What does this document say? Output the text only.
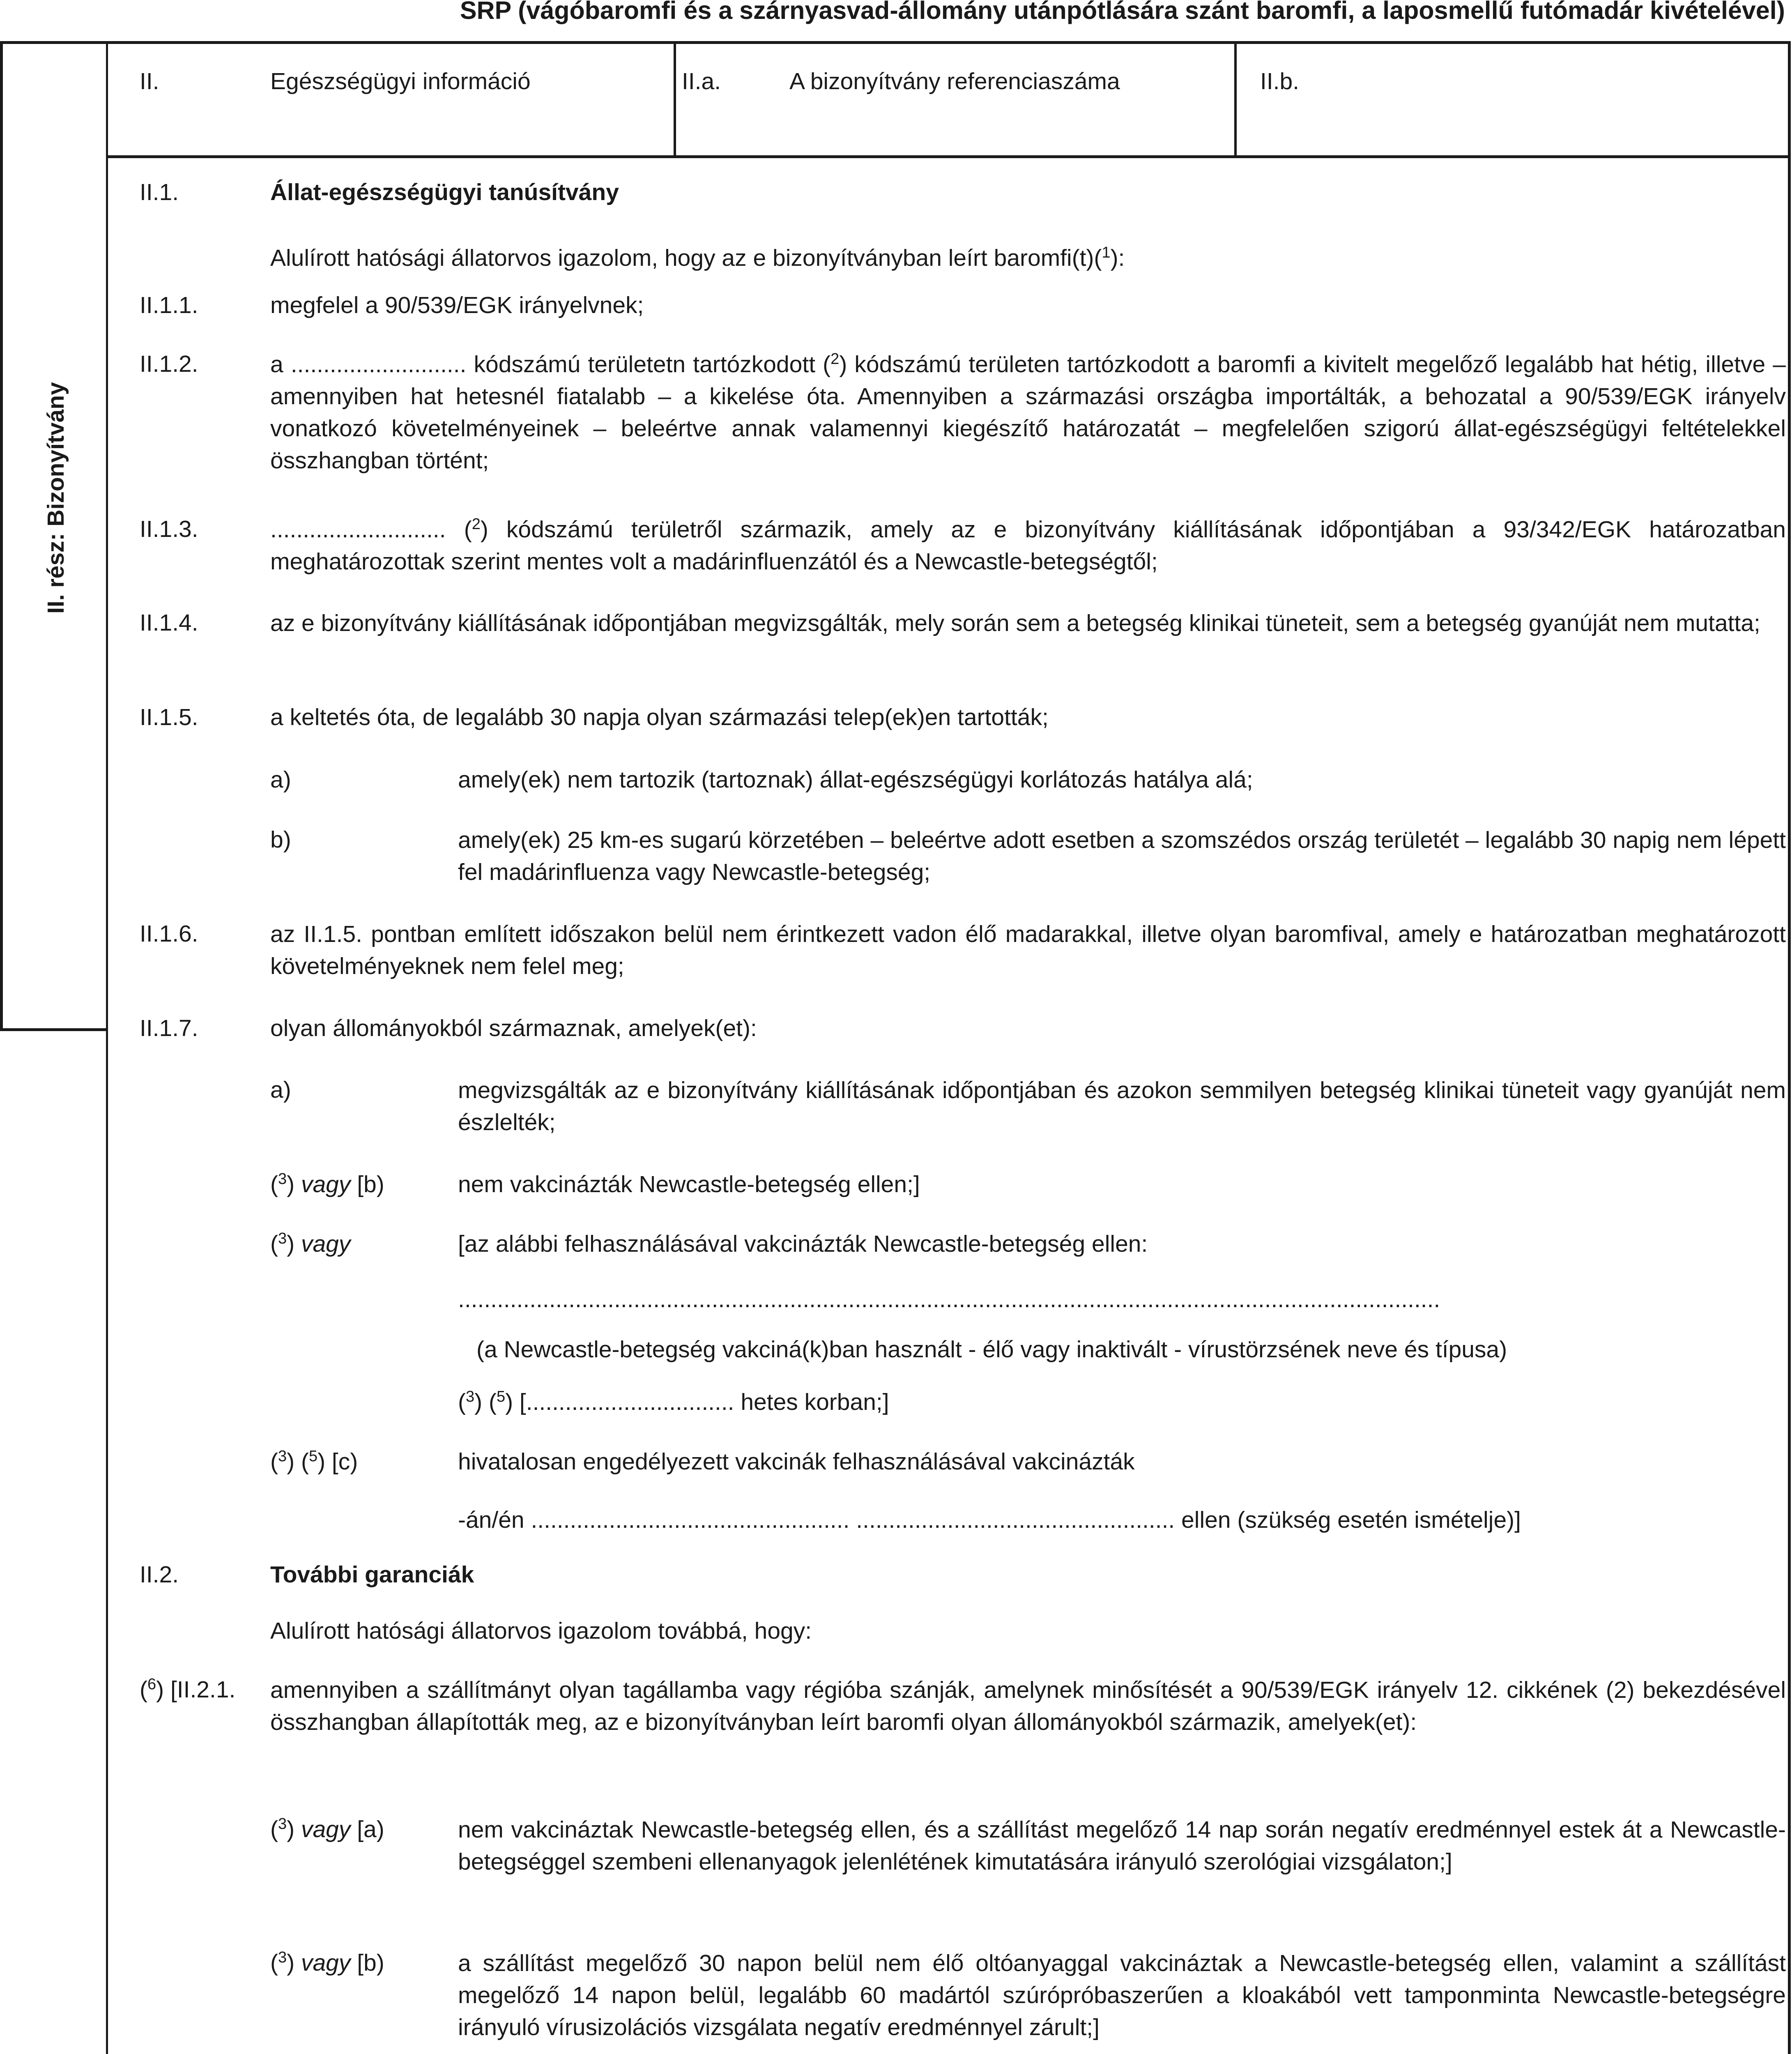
SRP (vágóbaromfi és a szárnyasvad-állomány utánpótlására szánt baromfi, a laposmellű futómadár kivételével)
II. rész: Bizonyítvány
II.	Egészségügyi információ	II.a.	A bizonyítvány referenciaszáma	II.b.
II.1.	Állat-egészségügyi tanúsítvány
Alulírott hatósági állatorvos igazolom, hogy az e bizonyítványban leírt baromfi(t)($^1$):
II.1.1.	megfelel a 90/539/EGK irányelvnek;
II.1.2.	a ........................... kódszámú területetn tartózkodott ($^2$) kódszámú területen tartózkodott a baromfi a kivitelt megelőző legalább hat hétig, illetve – amennyiben hat hetesnél fiatalabb – a kikelése óta. Amennyiben a származási országba importálták, a behozatal a 90/539/EGK irányelv vonatkozó követelményeinek – beleértve annak valamennyi kiegészítő határozatát – megfelelően szigorú állat-egészségügyi feltételekkel összhangban történt;
II.1.3.	........................... ($^2$) kódszámú területről származik, amely az e bizonyítvány kiállításának időpontjában a 93/342/EGK határozatban meghatározottak szerint mentes volt a madárinfluenzától és a Newcastle-betegségtől;
II.1.4.	az e bizonyítvány kiállításának időpontjában megvizsgálták, mely során sem a betegség klinikai tüneteit, sem a betegség gyanúját nem mutatta;
II.1.5.	a keltetés óta, de legalább 30 napja olyan származási telep(ek)en tartották;
a)	amely(ek) nem tartozik (tartoznak) állat-egészségügyi korlátozás hatálya alá;
b)	amely(ek) 25 km-es sugarú körzetében – beleértve adott esetben a szomszédos ország területét – legalább 30 napig nem lépett fel madárinfluenza vagy Newcastle-betegség;
II.1.6.	az II.1.5. pontban említett időszakon belül nem érintkezett vadon élő madarakkal, illetve olyan baromfival, amely e határozatban meghatározott követelményeknek nem felel meg;
II.1.7.	olyan állományokból származnak, amelyek(et):
a)	megvizsgálták az e bizonyítvány kiállításának időpontjában és azokon semmilyen betegség klinikai tüneteit vagy gyanúját nem észlelték;
($^3$) vagy [b)	nem vakcinázták Newcastle-betegség ellen;]
($^3$) vagy	[az alábbi felhasználásával vakcinázták Newcastle-betegség ellen:
.......................................................................................................................................................
(a Newcastle-betegség vakciná(k)ban használt - élő vagy inaktivált - vírustörzsének neve és típusa)
($^3$) ($^5$) [................................ hetes korban;]
($^3$) ($^5$) [c)	hivatalosan engedélyezett vakcinák felhasználásával vakcinázták
-án/én ................................................. ................................................. ellen (szükség esetén ismételje)]
II.2.	További garanciák
Alulírott hatósági állatorvos igazolom továbbá, hogy:
($^6$) [II.2.1. amennyiben a szállítmányt olyan tagállamba vagy régióba szánják, amelynek minősítését a 90/539/EGK irányelv 12. cikkének (2) bekezdésével összhangban állapították meg, az e bizonyítványban leírt baromfi olyan állományokból származik, amelyek(et):
($^3$) vagy [a)	nem vakcináztak Newcastle-betegség ellen, és a szállítást megelőző 14 nap során negatív eredménnyel estek át a Newcastle-betegséggel szembeni ellenanyagok jelenlétének kimutatására irányuló szerológiai vizsgálaton;]
($^3$) vagy [b)	a szállítást megelőző 30 napon belül nem élő oltóanyaggal vakcináztak a Newcastle-betegség ellen, valamint a szállítást megelőző 14 napon belül, legalább 60 madártól szúrópróbaszerűen a kloakából vett tamponminta Newcastle-betegségre irányuló vírusizolációs vizsgálata negatív eredménnyel zárult;]
